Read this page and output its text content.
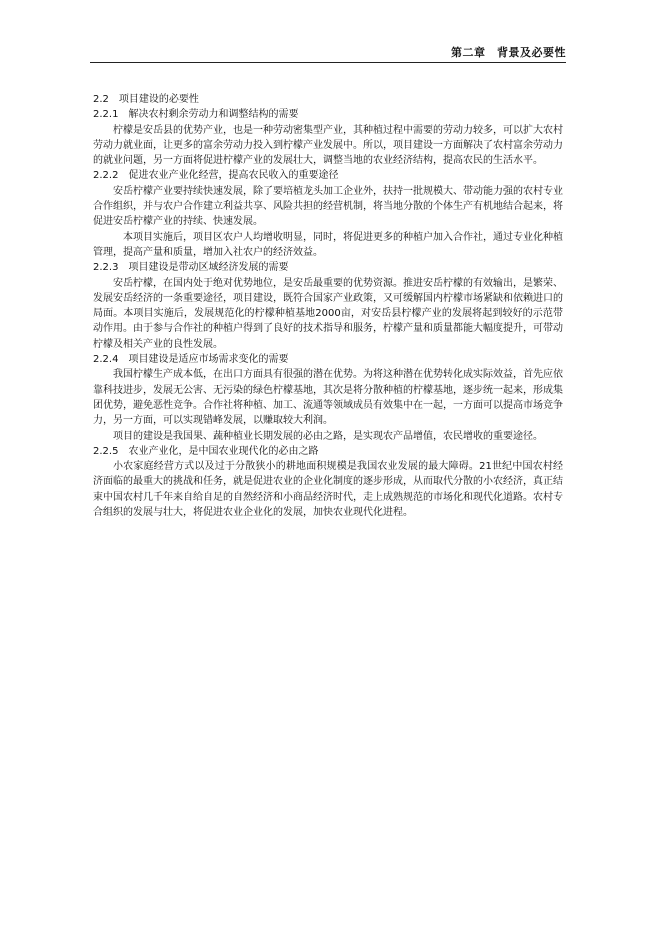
第二章　背景及必要性

2.2　项目建设的必要性

2.2.1　解决农村剩余劳动力和调整结构的需要

柠檬是安岳县的优势产业，也是一种劳动密集型产业，其种植过程中需要的劳动力较多，可以扩大农村劳动力就业面，让更多的富余劳动力投入到柠檬产业发展中。所以，项目建设一方面解决了农村富余劳动力的就业问题，另一方面将促进柠檬产业的发展壮大，调整当地的农业经济结构，提高农民的生活水平。

2.2.2　促进农业产业化经营，提高农民收入的重要途径

安岳柠檬产业要持续快速发展，除了要培植龙头加工企业外，扶持一批规模大、带动能力强的农村专业合作组织，并与农户合作建立利益共享、风险共担的经营机制，将当地分散的个体生产有机地结合起来，将促进安岳柠檬产业的持续、快速发展。

本项目实施后，项目区农户人均增收明显，同时，将促进更多的种植户加入合作社，通过专业化种植管理，提高产量和质量，增加入社农户的经济效益。

2.2.3　项目建设是带动区域经济发展的需要

安岳柠檬，在国内处于绝对优势地位，是安岳最重要的优势资源。推进安岳柠檬的有效输出，是繁荣、发展安岳经济的一条重要途径，项目建设，既符合国家产业政策，又可缓解国内柠檬市场紧缺和依赖进口的局面。本项目实施后，发展规范化的柠檬种植基地2000亩，对安岳县柠檬产业的发展将起到较好的示范带动作用。由于参与合作社的种植户得到了良好的技术指导和服务，柠檬产量和质量都能大幅度提升，可带动柠檬及相关产业的良性发展。

2.2.4　项目建设是适应市场需求变化的需要

我国柠檬生产成本低，在出口方面具有很强的潜在优势。为将这种潜在优势转化成实际效益，首先应依靠科技进步，发展无公害、无污染的绿色柠檬基地，其次是将分散种植的柠檬基地，逐步统一起来，形成集团优势，避免恶性竞争。合作社将种植、加工、流通等领域成员有效集中在一起，一方面可以提高市场竞争力，另一方面，可以实现错峰发展，以赚取较大利润。

项目的建设是我国果、蔬种植业长期发展的必由之路，是实现农产品增值，农民增收的重要途径。

2.2.5　农业产业化，是中国农业现代化的必由之路

小农家庭经营方式以及过于分散狭小的耕地面积规模是我国农业发展的最大障碍。21世纪中国农村经济面临的最重大的挑战和任务，就是促进农业的企业化制度的逐步形成，从而取代分散的小农经济，真正结束中国农村几千年来自给自足的自然经济和小商品经济时代，走上成熟规范的市场化和现代化道路。农村专合组织的发展与壮大，将促进农业企业化的发展，加快农业现代化进程。
